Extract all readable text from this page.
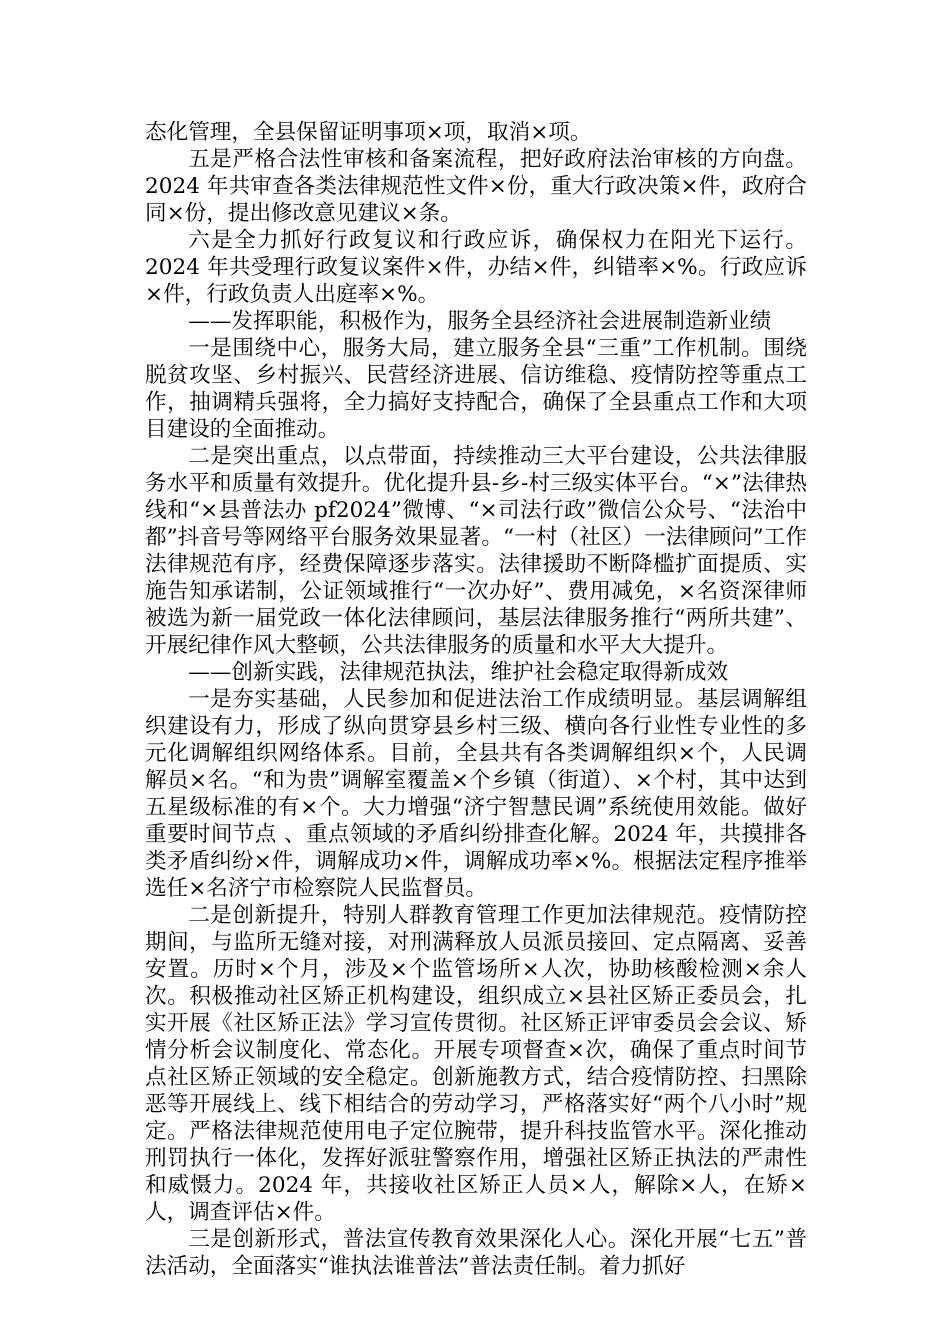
态化管理，全县保留证明事项×项，取消×项。

五是严格合法性审核和备案流程，把好政府法治审核的方向盘。2024 年共审查各类法律规范性文件×份，重大行政决策×件，政府合同×份，提出修改意见建议×条。

六是全力抓好行政复议和行政应诉，确保权力在阳光下运行。2024 年共受理行政复议案件×件，办结×件，纠错率×%。行政应诉×件，行政负责人出庭率×%。

——发挥职能，积极作为，服务全县经济社会进展制造新业绩

一是围绕中心，服务大局，建立服务全县“三重”工作机制。围绕脱贫攻坚、乡村振兴、民营经济进展、信访维稳、疫情防控等重点工作，抽调精兵强将，全力搞好支持配合，确保了全县重点工作和大项目建设的全面推动。

二是突出重点，以点带面，持续推动三大平台建设，公共法律服务水平和质量有效提升。优化提升县-乡-村三级实体平台。“×”法律热线和“×县普法办 pf2024”微博、“×司法行政”微信公众号、“法治中都”抖音号等网络平台服务效果显著。“一村（社区）一法律顾问”工作法律规范有序，经费保障逐步落实。法律援助不断降槛扩面提质、实施告知承诺制，公证领域推行“一次办好”、费用减免，×名资深律师被选为新一届党政一体化法律顾问，基层法律服务推行“两所共建”、开展纪律作风大整顿，公共法律服务的质量和水平大大提升。

——创新实践，法律规范执法，维护社会稳定取得新成效

一是夯实基础，人民参加和促进法治工作成绩明显。基层调解组织建设有力，形成了纵向贯穿县乡村三级、横向各行业性专业性的多元化调解组织网络体系。目前，全县共有各类调解组织×个，人民调解员×名。“和为贵”调解室覆盖×个乡镇（街道）、×个村，其中达到五星级标准的有×个。大力增强“济宁智慧民调”系统使用效能。做好重要时间节点 、重点领域的矛盾纠纷排查化解。2024 年，共摸排各类矛盾纠纷×件，调解成功×件，调解成功率×%。根据法定程序推举选任×名济宁市检察院人民监督员。

二是创新提升，特别人群教育管理工作更加法律规范。疫情防控期间，与监所无缝对接，对刑满释放人员派员接回、定点隔离、妥善安置。历时×个月，涉及×个监管场所×人次，协助核酸检测×余人次。积极推动社区矫正机构建设，组织成立×县社区矫正委员会，扎实开展《社区矫正法》学习宣传贯彻。社区矫正评审委员会会议、矫情分析会议制度化、常态化。开展专项督查×次，确保了重点时间节点社区矫正领域的安全稳定。创新施教方式，结合疫情防控、扫黑除恶等开展线上、线下相结合的劳动学习，严格落实好“两个八小时”规定。严格法律规范使用电子定位腕带，提升科技监管水平。深化推动刑罚执行一体化，发挥好派驻警察作用，增强社区矫正执法的严肃性和威慑力。2024 年，共接收社区矫正人员×人，解除×人，在矫×人，调查评估×件。

三是创新形式，普法宣传教育效果深化人心。深化开展“七五”普法活动，全面落实“谁执法谁普法”普法责任制。着力抓好
